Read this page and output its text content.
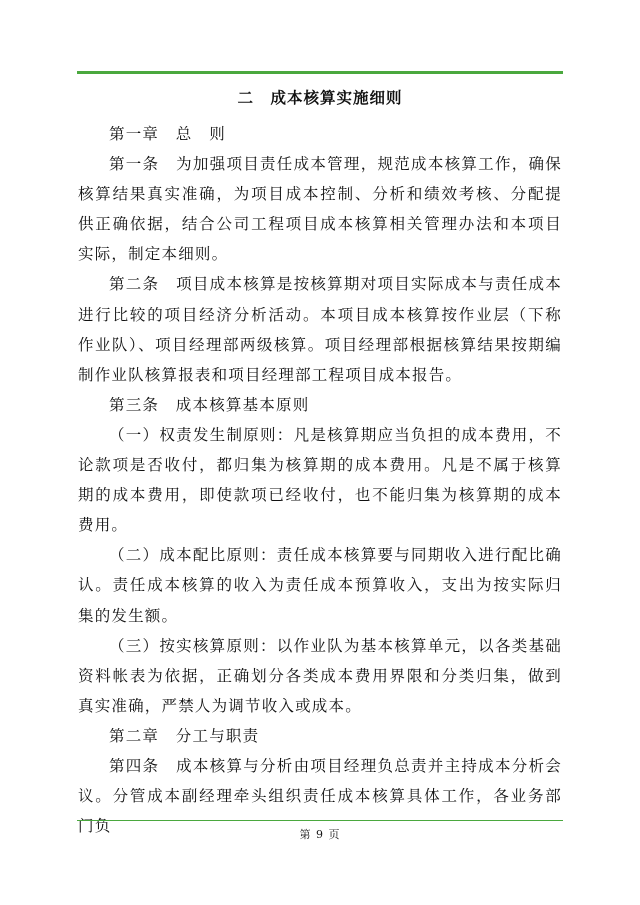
二　成本核算实施细则

第一章　总　则

第一条　为加强项目责任成本管理，规范成本核算工作，确保核算结果真实准确，为项目成本控制、分析和绩效考核、分配提供正确依据，结合公司工程项目成本核算相关管理办法和本项目实际，制定本细则。

第二条　项目成本核算是按核算期对项目实际成本与责任成本进行比较的项目经济分析活动。本项目成本核算按作业层（下称作业队）、项目经理部两级核算。项目经理部根据核算结果按期编制作业队核算报表和项目经理部工程项目成本报告。

第三条　成本核算基本原则

（一）权责发生制原则：凡是核算期应当负担的成本费用，不论款项是否收付，都归集为核算期的成本费用。凡是不属于核算期的成本费用，即使款项已经收付，也不能归集为核算期的成本费用。

（二）成本配比原则：责任成本核算要与同期收入进行配比确认。责任成本核算的收入为责任成本预算收入，支出为按实际归集的发生额。

（三）按实核算原则：以作业队为基本核算单元，以各类基础资料帐表为依据，正确划分各类成本费用界限和分类归集，做到真实准确，严禁人为调节收入或成本。

第二章　分工与职责

第四条　成本核算与分析由项目经理负总责并主持成本分析会议。分管成本副经理牵头组织责任成本核算具体工作，各业务部门负	第 9 页
